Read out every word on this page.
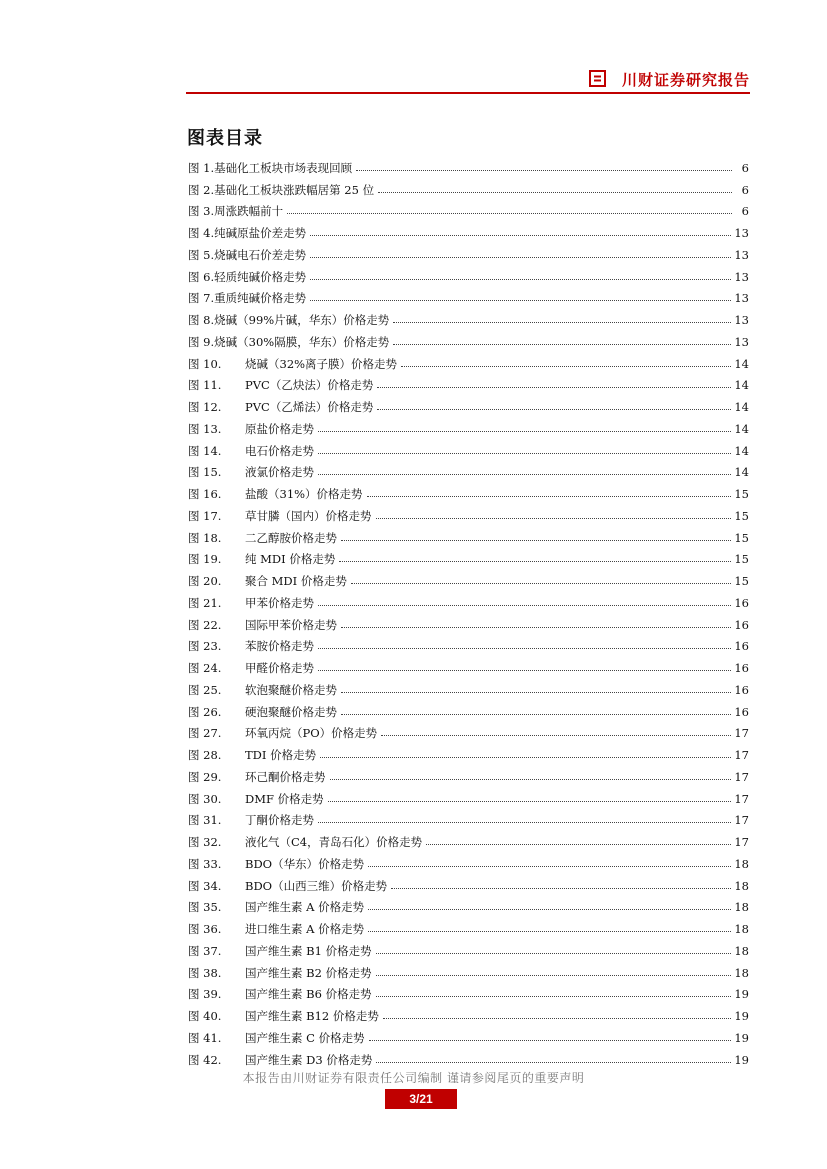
川财证券研究报告
图表目录
图 1. 基础化工板块市场表现回顾	6
图 2. 基础化工板块涨跌幅居第 25 位	6
图 3. 周涨跌幅前十	6
图 4. 纯碱原盐价差走势	13
图 5. 烧碱电石价差走势	13
图 6. 轻质纯碱价格走势	13
图 7. 重质纯碱价格走势	13
图 8. 烧碱（99%片碱，华东）价格走势	13
图 9. 烧碱（30%隔膜，华东）价格走势	13
图 10.	烧碱（32%离子膜）价格走势	14
图 11.	PVC（乙炔法）价格走势	14
图 12.	PVC（乙烯法）价格走势	14
图 13.	原盐价格走势	14
图 14.	电石价格走势	14
图 15.	液氯价格走势	14
图 16.	盐酸（31%）价格走势	15
图 17.	草甘膦（国内）价格走势	15
图 18.	二乙醇胺价格走势	15
图 19.	纯 MDI 价格走势	15
图 20.	聚合 MDI 价格走势	15
图 21.	甲苯价格走势	16
图 22.	国际甲苯价格走势	16
图 23.	苯胺价格走势	16
图 24.	甲醛价格走势	16
图 25.	软泡聚醚价格走势	16
图 26.	硬泡聚醚价格走势	16
图 27.	环氧丙烷（PO）价格走势	17
图 28.	TDI 价格走势	17
图 29.	环己酮价格走势	17
图 30.	DMF 价格走势	17
图 31.	丁酮价格走势	17
图 32.	液化气（C4，青岛石化）价格走势	17
图 33.	BDO（华东）价格走势	18
图 34.	BDO（山西三维）价格走势	18
图 35.	国产维生素 A 价格走势	18
图 36.	进口维生素 A 价格走势	18
图 37.	国产维生素 B1 价格走势	18
图 38.	国产维生素 B2 价格走势	18
图 39.	国产维生素 B6 价格走势	19
图 40.	国产维生素 B12 价格走势	19
图 41.	国产维生素 C 价格走势	19
图 42.	国产维生素 D3 价格走势	19
本报告由川财证券有限责任公司编制 谨请参阅尾页的重要声明
3/21
